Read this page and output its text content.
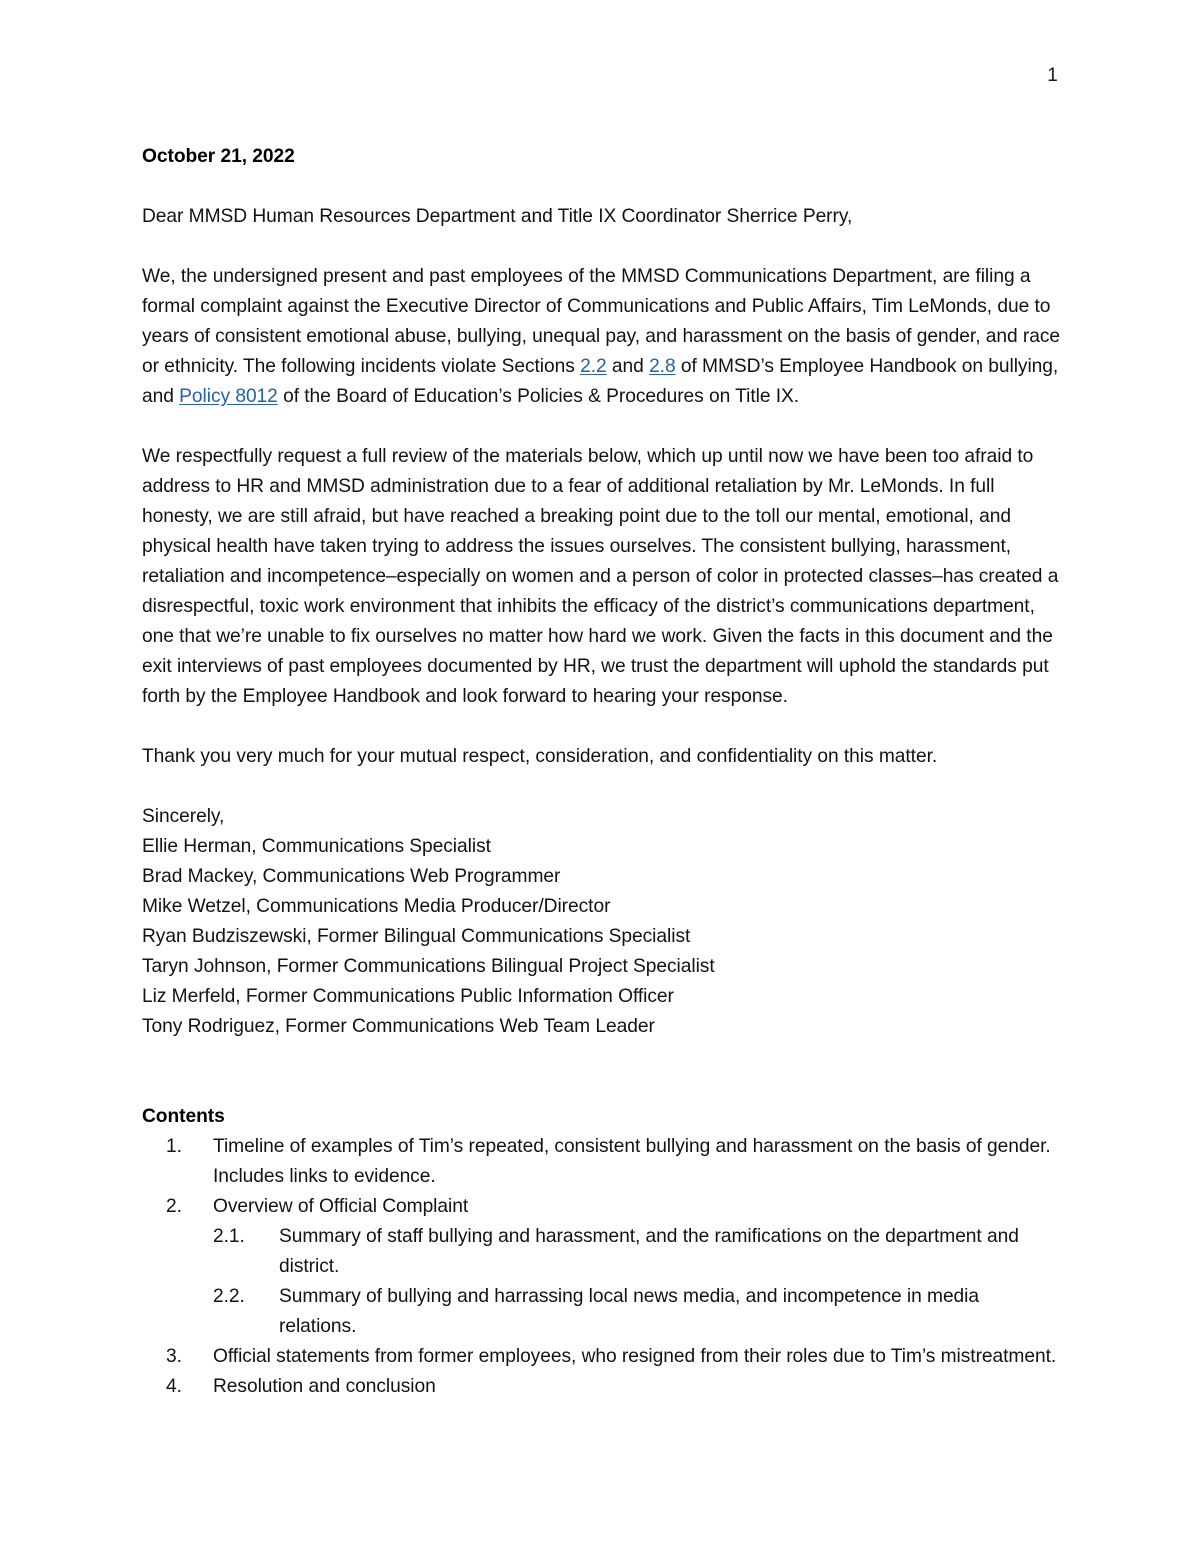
1

October 21, 2022

Dear MMSD Human Resources Department and Title IX Coordinator Sherrice Perry,

We, the undersigned present and past employees of the MMSD Communications Department, are filing a formal complaint against the Executive Director of Communications and Public Affairs, Tim LeMonds, due to years of consistent emotional abuse, bullying, unequal pay, and harassment on the basis of gender, and race or ethnicity. The following incidents violate Sections 2.2 and 2.8 of MMSD’s Employee Handbook on bullying, and Policy 8012 of the Board of Education’s Policies & Procedures on Title IX.

We respectfully request a full review of the materials below, which up until now we have been too afraid to address to HR and MMSD administration due to a fear of additional retaliation by Mr. LeMonds. In full honesty, we are still afraid, but have reached a breaking point due to the toll our mental, emotional, and physical health have taken trying to address the issues ourselves. The consistent bullying, harassment, retaliation and incompetence–especially on women and a person of color in protected classes–has created a disrespectful, toxic work environment that inhibits the efficacy of the district’s communications department, one that we’re unable to fix ourselves no matter how hard we work. Given the facts in this document and the exit interviews of past employees documented by HR, we trust the department will uphold the standards put forth by the Employee Handbook and look forward to hearing your response.

Thank you very much for your mutual respect, consideration, and confidentiality on this matter.

Sincerely,

Ellie Herman, Communications Specialist

Brad Mackey, Communications Web Programmer

Mike Wetzel, Communications Media Producer/Director

Ryan Budziszewski, Former Bilingual Communications Specialist

Taryn Johnson, Former Communications Bilingual Project Specialist

Liz Merfeld, Former Communications Public Information Officer

Tony Rodriguez, Former Communications Web Team Leader

Contents

1.	Timeline of examples of Tim’s repeated, consistent bullying and harassment on the basis of gender. Includes links to evidence.
2.	Overview of Official Complaint
2.1.	Summary of staff bullying and harassment, and the ramifications on the department and district.
2.2.	Summary of bullying and harrassing local news media, and incompetence in media relations.
3.	Official statements from former employees, who resigned from their roles due to Tim’s mistreatment.
4.	Resolution and conclusion
